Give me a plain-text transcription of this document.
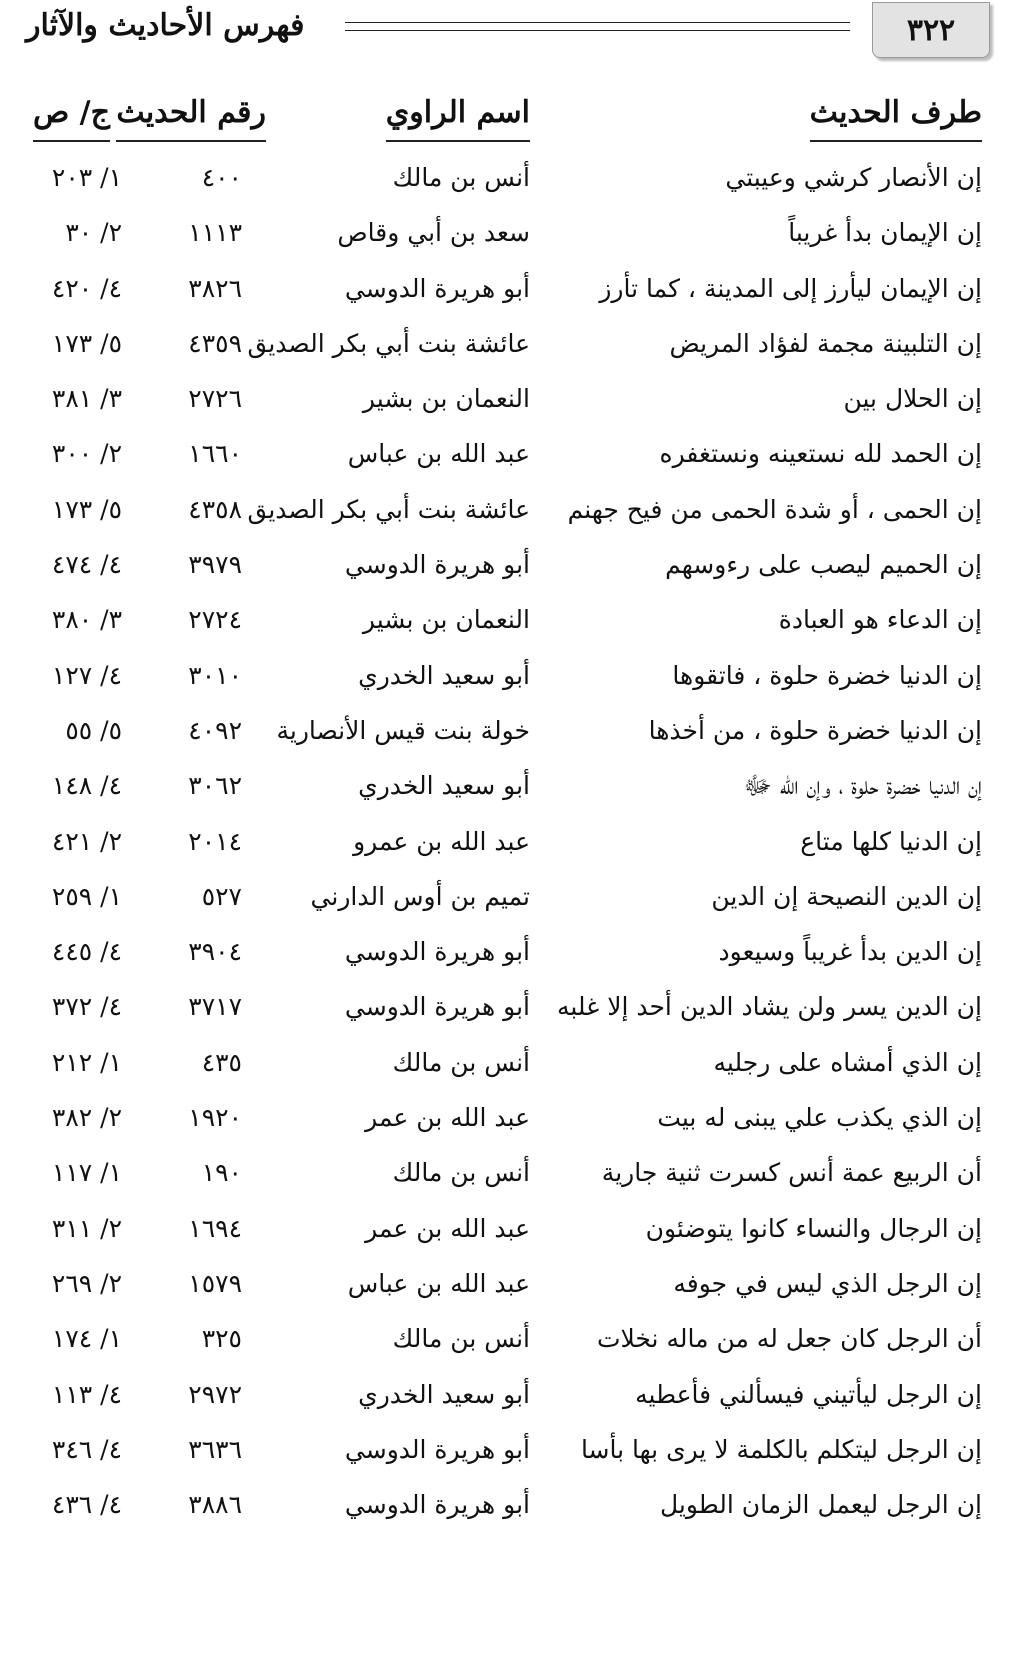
٣٢٢
فهرس الأحاديث والآثار
طرف الحديث
اسم الراوي
رقم الحديث
ج/ ص
إن الأنصار كرشي وعيبتي
أنس بن مالك
٤٠٠
١/ ٢٠٣
إن الإيمان بدأ غريباً
سعد بن أبي وقاص
١١١٣
٢/ ٣٠
إن الإيمان ليأرز إلى المدينة ، كما تأرز
أبو هريرة الدوسي
٣٨٢٦
٤/ ٤٢٠
إن التلبينة مجمة لفؤاد المريض
عائشة بنت أبي بكر الصديق
٤٣٥٩
٥/ ١٧٣
إن الحلال بين
النعمان بن بشير
٢٧٢٦
٣/ ٣٨١
إن الحمد لله نستعينه ونستغفره
عبد الله بن عباس
١٦٦٠
٢/ ٣٠٠
إن الحمى ، أو شدة الحمى من فيح جهنم
عائشة بنت أبي بكر الصديق
٤٣٥٨
٥/ ١٧٣
إن الحميم ليصب على رءوسهم
أبو هريرة الدوسي
٣٩٧٩
٤/ ٤٧٤
إن الدعاء هو العبادة
النعمان بن بشير
٢٧٢٤
٣/ ٣٨٠
إن الدنيا خضرة حلوة ، فاتقوها
أبو سعيد الخدري
٣٠١٠
٤/ ١٢٧
إن الدنيا خضرة حلوة ، من أخذها
خولة بنت قيس الأنصارية
٤٠٩٢
٥/ ٥٥
إن الدنيا خضرة حلوة ، وإن الله ﷻ
أبو سعيد الخدري
٣٠٦٢
٤/ ١٤٨
إن الدنيا كلها متاع
عبد الله بن عمرو
٢٠١٤
٢/ ٤٢١
إن الدين النصيحة إن الدين
تميم بن أوس الدارني
٥٢٧
١/ ٢٥٩
إن الدين بدأ غريباً وسيعود
أبو هريرة الدوسي
٣٩٠٤
٤/ ٤٤٥
إن الدين يسر ولن يشاد الدين أحد إلا غلبه
أبو هريرة الدوسي
٣٧١٧
٤/ ٣٧٢
إن الذي أمشاه على رجليه
أنس بن مالك
٤٣٥
١/ ٢١٢
إن الذي يكذب علي يبنى له بيت
عبد الله بن عمر
١٩٢٠
٢/ ٣٨٢
أن الربيع عمة أنس كسرت ثنية جارية
أنس بن مالك
١٩٠
١/ ١١٧
إن الرجال والنساء كانوا يتوضئون
عبد الله بن عمر
١٦٩٤
٢/ ٣١١
إن الرجل الذي ليس في جوفه
عبد الله بن عباس
١٥٧٩
٢/ ٢٦٩
أن الرجل كان جعل له من ماله نخلات
أنس بن مالك
٣٢٥
١/ ١٧٤
إن الرجل ليأتيني فيسألني فأعطيه
أبو سعيد الخدري
٢٩٧٢
٤/ ١١٣
إن الرجل ليتكلم بالكلمة لا يرى بها بأسا
أبو هريرة الدوسي
٣٦٣٦
٤/ ٣٤٦
إن الرجل ليعمل الزمان الطويل
أبو هريرة الدوسي
٣٨٨٦
٤/ ٤٣٦
